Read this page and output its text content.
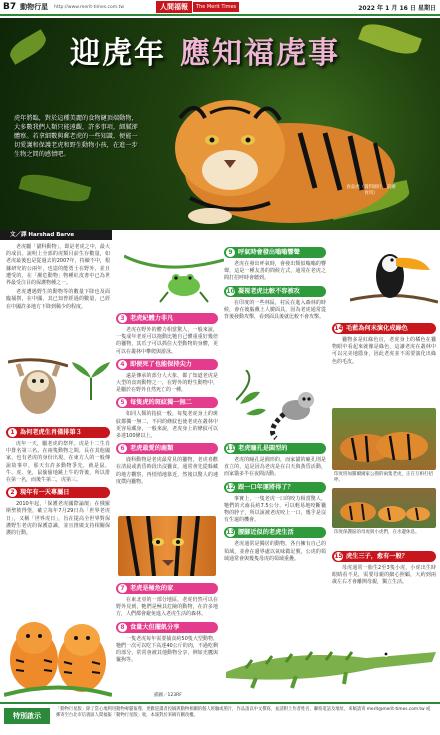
B7 動物行星 http://www.merit-times.com.tw	人間福報	The Merit Times	2022 年 1 月 16 日 星期日
迎虎年 應知福虎事
虎年將臨，對於這種美麗的食物鏈頂端動物，大多數我們人類只能遠觀，許多事項，細膩卻體察。若拿細數與郵老虎的一些知識，便能一切愛護和保護老虎和野生動物小孩，在進一步生物之間的感情吧。
食品虎（資料圖片，前繪食用）
文／譯 Harshad Barve

老虎屬「貓科動物」，即是老虎之中，最大的成員。說明上全部的虎類目前生存數量，如老虎最後也是從過去的2007年，持續不中，根據研究的公兩年，也造的能勇士在野外，並且遭受的，在「瀕危動物」物種紅皮書中已為世界最受注目的保護物種之一。

老虎遭遇野生的動物等的數量下降也及面臨捕撈，在中國，其已知曾經過的數量，已經在中國許多地方下降到稀少的程度。

1 為何老虎生肖僅排第３

虎年一天，屬老虎的祭拜。虎是十二生肖中排名第三名。在兩隻動物之間，長在其他國家，也有老虎的身份出現，在東方人的一般傳說故事中，那天有許多動物爭先，就是鼠、牛、虎、免，鼠偷偷地跳上牛的背後，所以排在第一名，而後牛第二，虎第三。

2 現年有一天專屬日

2010年起，「保護老虎國際論壇」在俄羅斯聖彼得堡，確立每年7月29日為「世界老虎日」，又稱「世界虎日」，旨在提高全世界對保護野生老虎的保護意識，並且推廣支持相關保護的行動。

3 老虎紀體力非凡

老虎在野外的體力相當驚人，一般來說，一隻成年老虎可以拖動比牠自己體重重好幾倍的獵物，其爪子可以抓住大型動物的身體，更可以在叢林中攀爬與游泳。

4 即便死了也能保持尖力

遠是傳承的部分人大象，都了知道老虎是大型的食肉動物之一，在野外的野生動物中，是屬於在野外自然死亡的一種。

5 每隻虎的斑紋獨一無二

如同人類的指紋一般，每隻老虎身上的斑紋都獨一無二，不同的條紋也使老虎在叢林中更容易藏身，一般來說，老虎身上的條紋可以多達100條以上。

6 老虎最愛的鹿類

鹿科動物是老虎最常見的獵物，老虎喜歡在清晨或黃昏時段出沒獵食，通常會先從躲藏的地方觀察，再悄悄地靠近，然後以驚人的速度撲向獵物。

7 老虎是極危的家

在東北亞的一部分地區，老虎仍然可以在野外見到，牠們是極其危險的動物，在許多地方，人們都會避免進入老虎生活的森林。

8 食量大但擺飢分享

一隻老虎每年需要捕食約50隻大型動物，牠們一次可以吃下高達40公斤的肉，不過吃剩的部分，常常會被其他動物分享，例如禿鷹與鬣狗等。

9 呼氣時會發出嗡嗡響聲

老虎在發出呼氣時，會發出類似嗡嗡的響聲，這是一種友善的問候方式，通常在老虎之間打招呼時會聽到。

10 凝視老虎比較不容被攻

在印度的一些林區，村民在進入森林的時候，會在後腦戴上人臉面具，因為老虎通常從背後發動攻擊，看到面具後就比較不會攻擊。

11 老虎瞳孔是圓型的

老虎的瞳孔是圓形的，而家貓的瞳孔則是直立的，這是因為老虎是在白天與黃昏活動，而家貓多半在夜間活動。

12 跟一口年運將得了？

事實上，一隻老虎一口的咬力相當驚人，牠們的犬齒長約7.5公分，可以輕易地咬斷獵物的脖子，所以說被老虎咬上一口，幾乎是沒有生還的機會。

13 腰腳近似的老虎生活

老虎通常是獨居的動物，各自擁有自己的領域，並會在邊界處以氣味做記號，公虎的領域通常會與幾隻母虎的領域重疊。

14 毛藍為何未演化成綠色

獵物多是紅綠色盲，老虎身上的橘色在獵物眼中看起來就像是綠色，這讓老虎在叢林中可以完美地隱身，因此老虎並不需要演化出綠色的毛皮。

印度班加羅爾國家公園的兩隻老虎，正在互相打招呼。
印度保護區的母虎與小虎們，在水邊休息。
15 虎生三子，愈有一般？

母虎通常一胎生2至3隻小虎，小虎出生時眼睛看不見，需要母親的細心照顧，大約到兩歲左右才會離開母親，獨立生活。

插圖／123RF
特別啟示
「動物行星版」除了當心地利用動物專題報導，更歡迎讀者投稿與動物相關的個人經驗或照片，作品請以中文撰寫，並請附上作者姓名、聯絡電話及地址，來稿請寄 merit@merit-times.com.tw 或郵寄至台北市信義區人間福報「動物行星版」收，本報對於來稿有刪改權。
